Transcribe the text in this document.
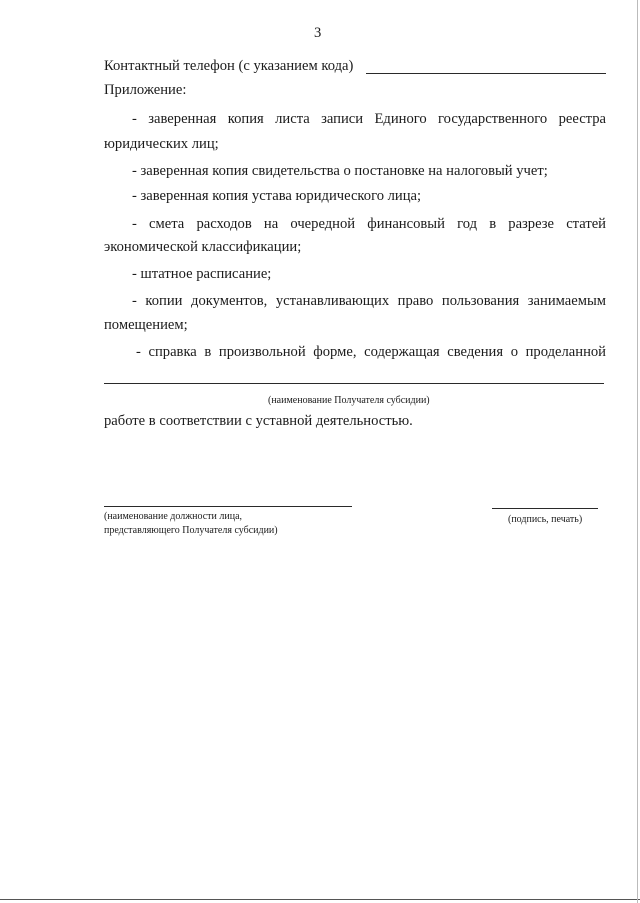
3
Контактный телефон (с указанием кода)
Приложение:
- заверенная копия листа записи Единого государственного реестра
юридических лиц;
- заверенная копия свидетельства о постановке на налоговый учет;
- заверенная копия устава юридического лица;
- смета расходов на очередной финансовый год в разрезе статей
экономической классификации;
- штатное расписание;
- копии документов, устанавливающих право пользования занимаемым
помещением;
- справка в произвольной форме, содержащая сведения о проделанной
(наименование Получателя субсидии)
работе в соответствии с уставной деятельностью.
(наименование должности лица,
представляющего Получателя субсидии)
(подпись, печать)
